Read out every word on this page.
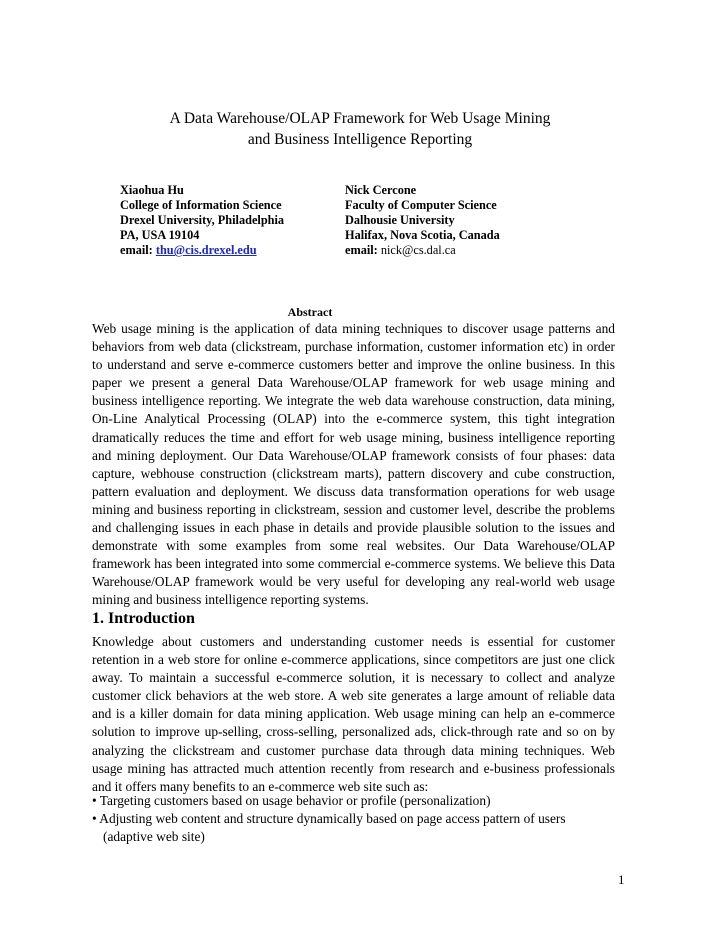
A Data Warehouse/OLAP Framework for Web Usage Mining
and Business Intelligence Reporting
Xiaohua Hu
College of Information Science
Drexel University, Philadelphia
PA, USA 19104
email: thu@cis.drexel.edu
Nick Cercone
Faculty of Computer Science
Dalhousie University
Halifax, Nova Scotia, Canada
email: nick@cs.dal.ca
Abstract
Web usage mining is the application of data mining techniques to discover usage patterns and behaviors from web data (clickstream, purchase information, customer information etc) in order to understand and serve e-commerce customers better and improve the online business. In this paper we present a general Data Warehouse/OLAP framework for web usage mining and business intelligence reporting. We integrate the web data warehouse construction, data mining, On-Line Analytical Processing (OLAP) into the e-commerce system, this tight integration dramatically reduces the time and effort for web usage mining, business intelligence reporting and mining deployment. Our Data Warehouse/OLAP framework consists of four phases: data capture, webhouse construction (clickstream marts), pattern discovery and cube construction, pattern evaluation and deployment. We discuss data transformation operations for web usage mining and business reporting in clickstream, session and customer level, describe the problems and challenging issues in each phase in details and provide plausible solution to the issues and demonstrate with some examples from some real websites. Our Data Warehouse/OLAP framework has been integrated into some commercial e-commerce systems. We believe this Data Warehouse/OLAP framework would be very useful for developing any real-world web usage mining and business intelligence reporting systems.
1. Introduction
Knowledge about customers and understanding customer needs is essential for customer retention in a web store for online e-commerce applications, since competitors are just one click away. To maintain a successful e-commerce solution, it is necessary to collect and analyze customer click behaviors at the web store. A web site generates a large amount of reliable data and is a killer domain for data mining application. Web usage mining can help an e-commerce solution to improve up-selling, cross-selling, personalized ads, click-through rate and so on by analyzing the clickstream and customer purchase data through data mining techniques. Web usage mining has attracted much attention recently from research and e-business professionals and it offers many benefits to an e-commerce web site such as:
• Targeting customers based on usage behavior or profile (personalization)
• Adjusting web content and structure dynamically based on page access pattern of users
(adaptive web site)
1
